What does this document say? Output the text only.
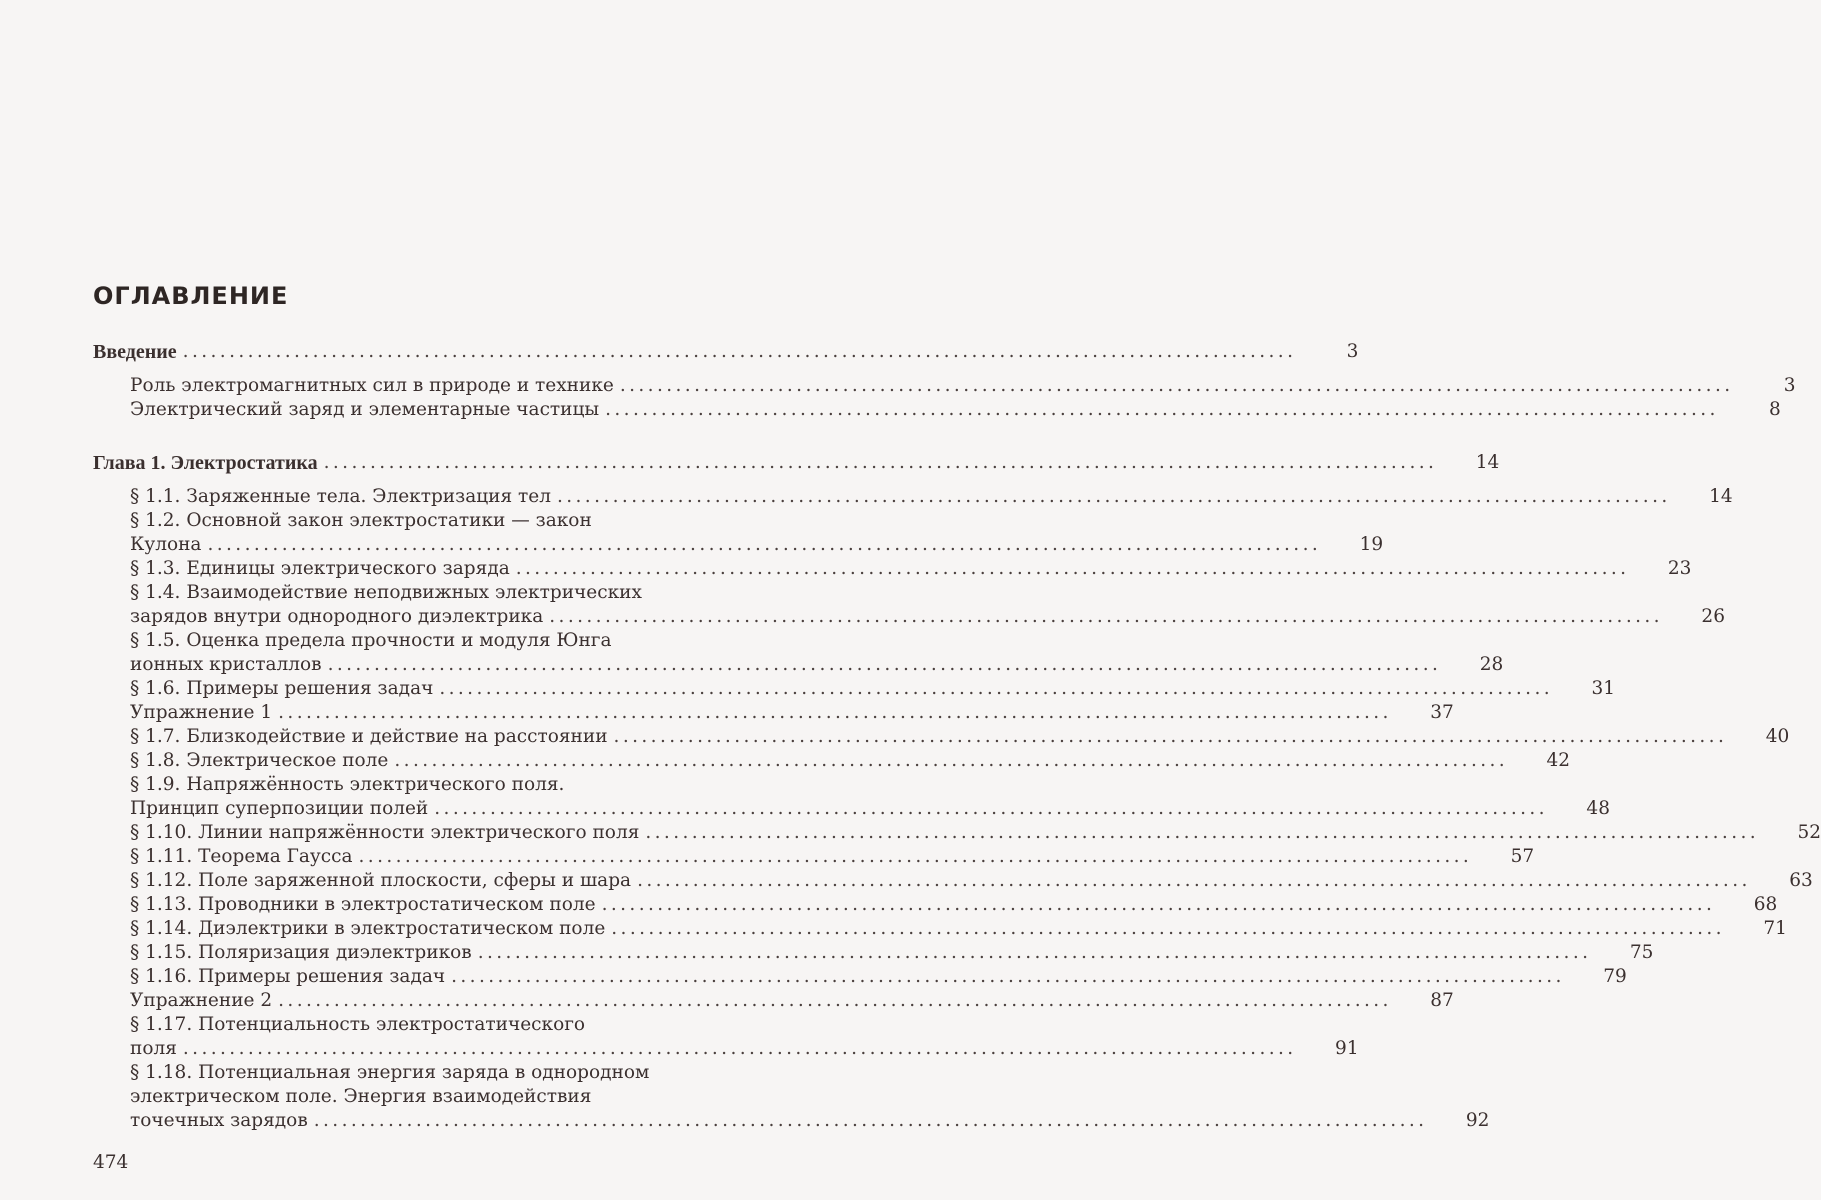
ОГЛАВЛЕНИЕ
Введение ........................................................................................................................	3
Роль электромагнитных сил в природе и технике ........................................................................................................................	3
Электрический заряд и элементарные частицы ........................................................................................................................	8
Глава 1. Электростатика ........................................................................................................................	14
§ 1.1. Заряженные тела. Электризация тел ........................................................................................................................	14
§ 1.2. Основной закон электростатики — закон
Кулона ........................................................................................................................	19
§ 1.3. Единицы электрического заряда ........................................................................................................................	23
§ 1.4. Взаимодействие неподвижных электрических
зарядов внутри однородного диэлектрика ........................................................................................................................	26
§ 1.5. Оценка предела прочности и модуля Юнга
ионных кристаллов ........................................................................................................................	28
§ 1.6. Примеры решения задач ........................................................................................................................	31
Упражнение 1 ........................................................................................................................	37
§ 1.7. Близкодействие и действие на расстоянии ........................................................................................................................	40
§ 1.8. Электрическое поле ........................................................................................................................	42
§ 1.9. Напряжённость электрического поля.
Принцип суперпозиции полей ........................................................................................................................	48
§ 1.10. Линии напряжённости электрического поля ........................................................................................................................	52
§ 1.11. Теорема Гаусса ........................................................................................................................	57
§ 1.12. Поле заряженной плоскости, сферы и шара ........................................................................................................................	63
§ 1.13. Проводники в электростатическом поле ........................................................................................................................	68
§ 1.14. Диэлектрики в электростатическом поле ........................................................................................................................	71
§ 1.15. Поляризация диэлектриков ........................................................................................................................	75
§ 1.16. Примеры решения задач ........................................................................................................................	79
Упражнение 2 ........................................................................................................................	87
§ 1.17. Потенциальность электростатического
поля ........................................................................................................................	91
§ 1.18. Потенциальная энергия заряда в однородном
электрическом поле. Энергия взаимодействия
точечных зарядов ........................................................................................................................	92
474
